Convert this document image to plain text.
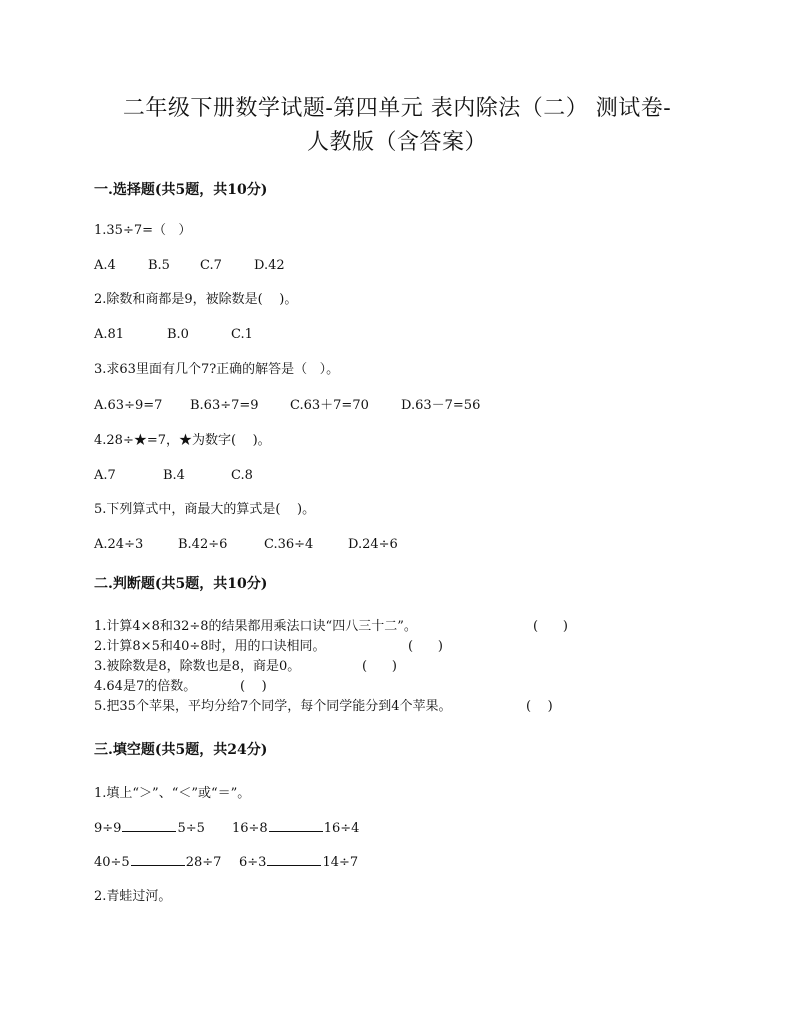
二年级下册数学试题-第四单元 表内除法（二） 测试卷-
人教版（含答案）
一.选择题(共5题，共10分)
1.35÷7=（   ）
A.4 B.5 C.7 D.42
2.除数和商都是9，被除数是(    )。
A.81	B.0	C.1
3.求63里面有几个7?正确的解答是（   ）。
A.63÷9=7 B.63÷7=9 C.63＋7=70 D.63－7=56
4.28÷★=7，★为数字(    )。
A.7	B.4	C.8
5.下列算式中，商最大的算式是(    )。
A.24÷3	B.42÷6	C.36÷4	D.24÷6
二.判断题(共5题，共10分)
1.计算4×8和32÷8的结果都用乘法口诀“四八三十二”。	(      )
2.计算8×5和40÷8时，用的口诀相同。	(      )
3.被除数是8，除数也是8，商是0。	(      )
4.64是7的倍数。	(    )
5.把35个苹果，平均分给7个同学，每个同学能分到4个苹果。	(    )
三.填空题(共5题，共24分)
1.填上“＞”、“＜”或“＝”。
9÷9	5÷5 16÷8	16÷4
40÷5	28÷7 6÷3	14÷7
2.青蛙过河。
